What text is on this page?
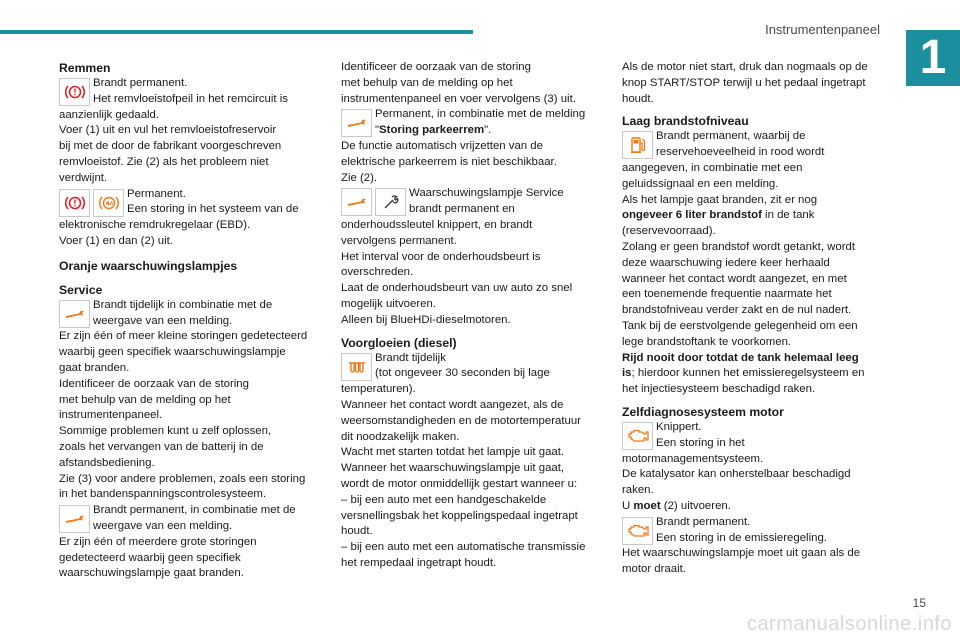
Instrumentenpaneel
1

Remmen

Brandt permanent.

Het remvloeistofpeil in het remcircuit is

aanzienlijk gedaald.

Voer (1) uit en vul het remvloeistofreservoir

bij met de door de fabrikant voorgeschreven

remvloeistof. Zie (2) als het probleem niet

verdwijnt.

Permanent.

Een storing in het systeem van de

elektronische remdrukregelaar (EBD).

Voer (1) en dan (2) uit.

Oranje waarschuwingslampjes

Service

Brandt tijdelijk in combinatie met de

weergave van een melding.

Er zijn één of meer kleine storingen gedetecteerd

waarbij geen specifiek waarschuwingslampje

gaat branden.

Identificeer de oorzaak van de storing

met behulp van de melding op het

instrumentenpaneel.

Sommige problemen kunt u zelf oplossen,

zoals het vervangen van de batterij in de

afstandsbediening.

Zie (3) voor andere problemen, zoals een storing

in het bandenspanningscontrolesysteem.

Brandt permanent, in combinatie met de

weergave van een melding.

Er zijn één of meerdere grote storingen

gedetecteerd waarbij geen specifiek

waarschuwingslampje gaat branden.

Identificeer de oorzaak van de storing

met behulp van de melding op het

instrumentenpaneel en voer vervolgens (3) uit.

Permanent, in combinatie met de melding

"Storing parkeerrem".

De functie automatisch vrijzetten van de

elektrische parkeerrem is niet beschikbaar.

Zie (2).

Waarschuwingslampje Service

brandt permanent en

onderhoudssleutel knippert, en brandt

vervolgens permanent.

Het interval voor de onderhoudsbeurt is

overschreden.

Laat de onderhoudsbeurt van uw auto zo snel

mogelijk uitvoeren.

Alleen bij BlueHDi-dieselmotoren.

Voorgloeien (diesel)

Brandt tijdelijk

(tot ongeveer 30 seconden bij lage

temperaturen).

Wanneer het contact wordt aangezet, als de

weersomstandigheden en de motortemperatuur

dit noodzakelijk maken.

Wacht met starten totdat het lampje uit gaat.

Wanneer het waarschuwingslampje uit gaat,

wordt de motor onmiddellijk gestart wanneer u:

– bij een auto met een handgeschakelde

versnellingsbak het koppelingspedaal ingetrapt

houdt.

– bij een auto met een automatische transmissie

het rempedaal ingetrapt houdt.

Als de motor niet start, druk dan nogmaals op de

knop START/STOP terwijl u het pedaal ingetrapt

houdt.

Laag brandstofniveau

Brandt permanent, waarbij de

reservehoeveelheid in rood wordt

aangegeven, in combinatie met een

geluidssignaal en een melding.

Als het lampje gaat branden, zit er nog

ongeveer 6 liter brandstof in de tank

(reservevoorraad).

Zolang er geen brandstof wordt getankt, wordt

deze waarschuwing iedere keer herhaald

wanneer het contact wordt aangezet, en met

een toenemende frequentie naarmate het

brandstofniveau verder zakt en de nul nadert.

Tank bij de eerstvolgende gelegenheid om een

lege brandstoftank te voorkomen.

Rijd nooit door totdat de tank helemaal leeg

is; hierdoor kunnen het emissieregelsysteem en

het injectiesysteem beschadigd raken.

Zelfdiagnosesysteem motor

Knippert.

Een storing in het

motormanagementsysteem.

De katalysator kan onherstelbaar beschadigd

raken.

U moet (2) uitvoeren.

Brandt permanent.

Een storing in de emissieregeling.

Het waarschuwingslampje moet uit gaan als de

motor draait.

15
carmanualsonline.info
